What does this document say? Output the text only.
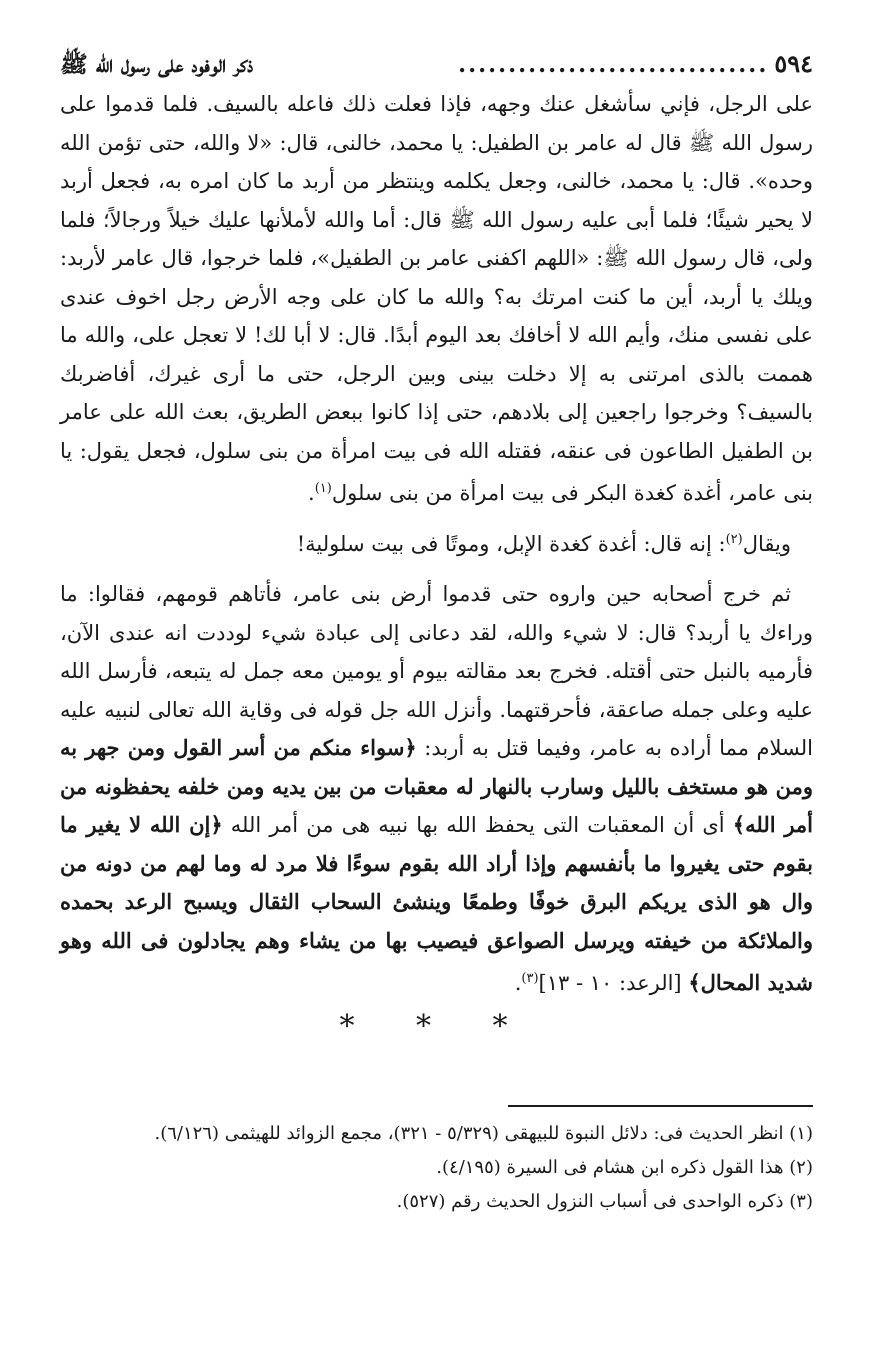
٥٩٤
...............................
ذكر الوفود على رسول الله ﷺ

على الرجل، فإني سأشغل عنك وجهه، فإذا فعلت ذلك فاعله بالسيف. فلما قدموا على رسول الله ﷺ قال له عامر بن الطفيل: يا محمد، خالنى، قال: «لا والله، حتى تؤمن الله وحده». قال: يا محمد، خالنى، وجعل يكلمه وينتظر من أربد ما كان امره به، فجعل أربد لا يحير شيئًا؛ فلما أبى عليه رسول الله ﷺ قال: أما والله لأملأنها عليك خيلاً ورجالاً؛ فلما ولى، قال رسول الله ﷺ: «اللهم اكفنى عامر بن الطفيل»، فلما خرجوا، قال عامر لأربد: ويلك يا أربد، أين ما كنت امرتك به؟ والله ما كان على وجه الأرض رجل اخوف عندى على نفسى منك، وأيم الله لا أخافك بعد اليوم أبدًا. قال: لا أبا لك! لا تعجل على، والله ما هممت بالذى امرتنى به إلا دخلت بينى وبين الرجل، حتى ما أرى غيرك، أفاضربك بالسيف؟ وخرجوا راجعين إلى بلادهم، حتى إذا كانوا ببعض الطريق، بعث الله على عامر بن الطفيل الطاعون فى عنقه، فقتله الله فى بيت امرأة من بنى سلول، فجعل يقول: يا بنى عامر، أغدة كغدة البكر فى بيت امرأة من بنى سلول$^{(١)}$.

ويقال$^{(٢)}$: إنه قال: أغدة كغدة الإبل، وموتًا فى بيت سلولية!

ثم خرج أصحابه حين واروه حتى قدموا أرض بنى عامر، فأتاهم قومهم، فقالوا: ما وراءك يا أربد؟ قال: لا شيء والله، لقد دعانى إلى عبادة شيء لوددت انه عندى الآن، فأرميه بالنبل حتى أقتله. فخرج بعد مقالته بيوم أو يومين معه جمل له يتبعه، فأرسل الله عليه وعلى جمله صاعقة، فأحرقتهما. وأنزل الله جل قوله فى وقاية الله تعالى لنبيه عليه السلام مما أراده به عامر، وفيما قتل به أربد: ﴿سواء منكم من أسر القول ومن جهر به ومن هو مستخف بالليل وسارب بالنهار له معقبات من بين يديه ومن خلفه يحفظونه من أمر الله﴾ أى أن المعقبات التى يحفظ الله بها نبيه هى من أمر الله ﴿إن الله لا يغير ما بقوم حتى يغيروا ما بأنفسهم وإذا أراد الله بقوم سوءًا فلا مرد له وما لهم من دونه من وال هو الذى يريكم البرق خوفًا وطمعًا وينشئ السحاب الثقال ويسبح الرعد بحمده والملائكة من خيفته ويرسل الصواعق فيصيب بها من يشاء وهم يجادلون فى الله وهو شديد المحال﴾ [الرعد: ١٠ - ١٣]$^{(٣)}$.

* * *
(١) انظر الحديث فى: دلائل النبوة للبيهقى (٥/٣٢٩ - ٣٢١)، مجمع الزوائد للهيثمى (٦/١٢٦).
(٢) هذا القول ذكره ابن هشام فى السيرة (٤/١٩٥).
(٣) ذكره الواحدى فى أسباب النزول الحديث رقم (٥٢٧).
